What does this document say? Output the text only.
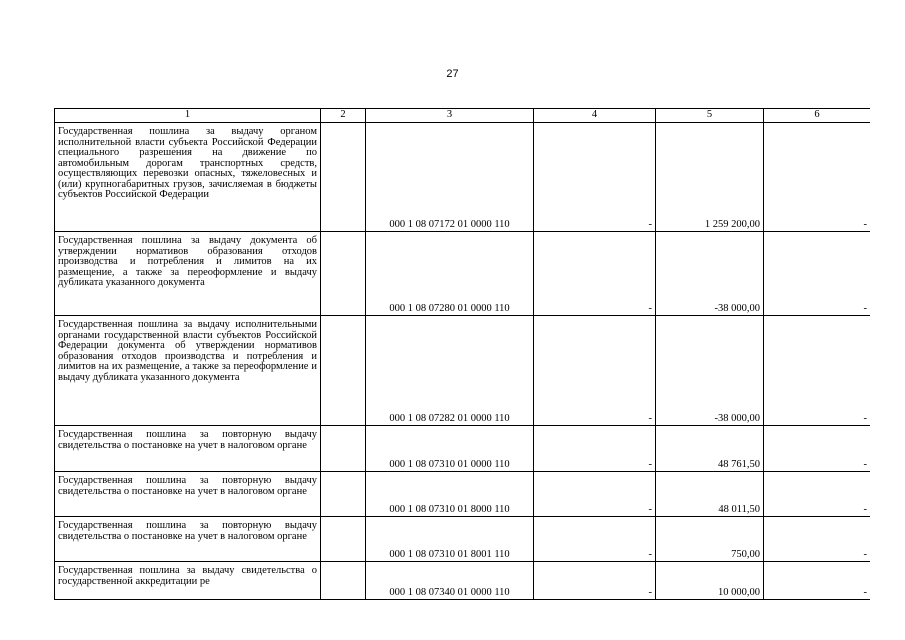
27
1	2	3	4	5	6
Государственная пошлина за выдачу органом исполнительной власти субъекта Российской Федерации специального разрешения на движение по автомобильным дорогам транспортных средств, осуществляющих перевозки опасных, тяжеловесных и (или) крупногабаритных грузов, зачисляемая в бюджеты субъектов Российской Федерации		000 1 08 07172 01 0000 110	-	1 259 200,00	-
Государственная пошлина за выдачу документа об утверждении нормативов образования отходов производства и потребления и лимитов на их размещение, а также за переоформление и выдачу дубликата указанного документа		000 1 08 07280 01 0000 110	-	-38 000,00	-
Государственная пошлина за выдачу исполнительными органами государственной власти субъектов Российской Федерации документа об утверждении нормативов образования отходов производства и потребления и лимитов на их размещение, а также за переоформление и выдачу дубликата указанного документа		000 1 08 07282 01 0000 110	-	-38 000,00	-
Государственная пошлина за повторную выдачу свидетельства о постановке на учет в налоговом органе		000 1 08 07310 01 0000 110	-	48 761,50	-
Государственная пошлина за повторную выдачу свидетельства о постановке на учет в налоговом органе		000 1 08 07310 01 8000 110	-	48 011,50	-
Государственная пошлина за повторную выдачу свидетельства о постановке на учет в налоговом органе		000 1 08 07310 01 8001 110	-	750,00	-
Государственная пошлина за выдачу свидетельства о государственной аккредитации ре		000 1 08 07340 01 0000 110	-	10 000,00	-
